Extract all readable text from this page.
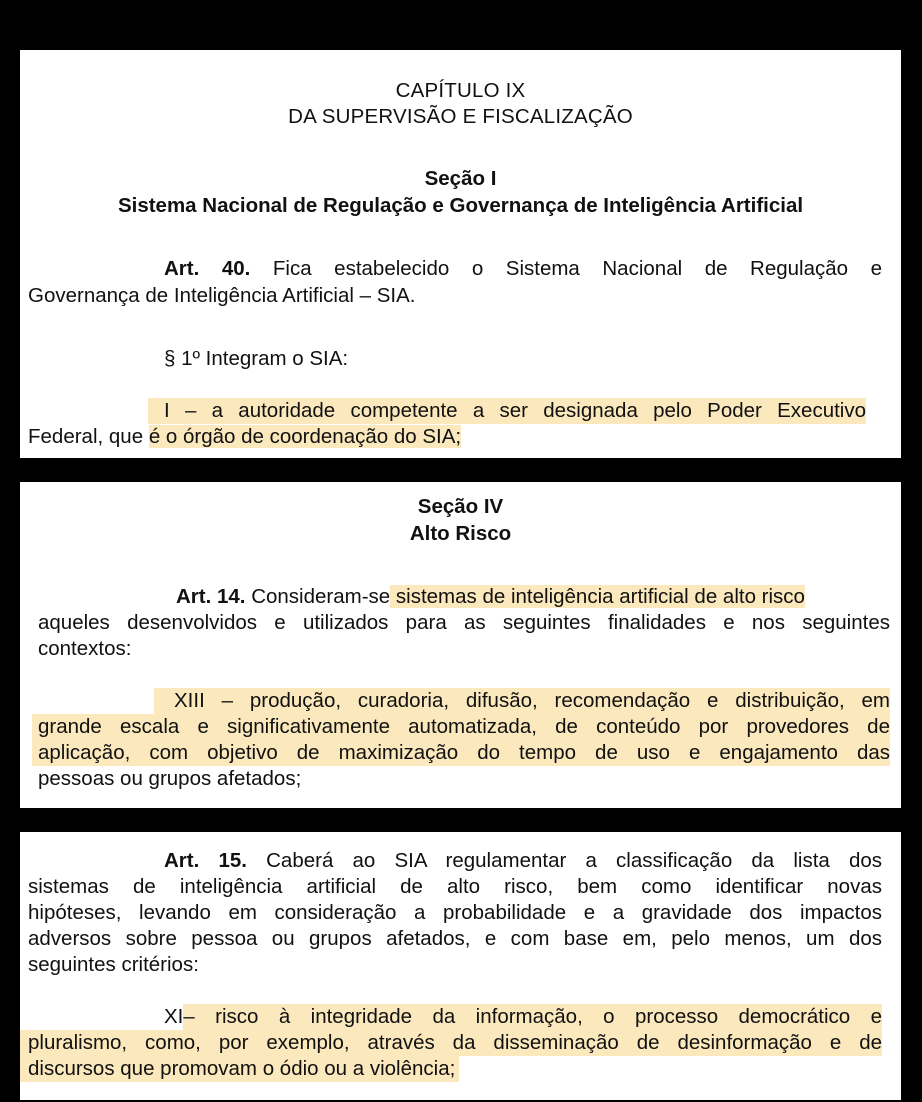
CAPÍTULO IX
DA SUPERVISÃO E FISCALIZAÇÃO
Seção I
Sistema Nacional de Regulação e Governança de Inteligência Artificial
Art. 40. Fica estabelecido o Sistema Nacional de Regulação e
Governança de Inteligência Artificial – SIA.
§ 1º Integram o SIA:
I – a autoridade competente a ser designada pelo Poder Executivo
Federal, que é o órgão de coordenação do SIA;
Seção IV
Alto Risco
Art. 14. Consideram-se sistemas de inteligência artificial de alto risco
aqueles desenvolvidos e utilizados para as seguintes finalidades e nos seguintes
contextos:
XIII – produção, curadoria, difusão, recomendação e distribuição, em
grande escala e significativamente automatizada, de conteúdo por provedores de
aplicação, com objetivo de maximização do tempo de uso e engajamento das
pessoas ou grupos afetados;
Art. 15. Caberá ao SIA regulamentar a classificação da lista dos
sistemas de inteligência artificial de alto risco, bem como identificar novas
hipóteses, levando em consideração a probabilidade e a gravidade dos impactos
adversos sobre pessoa ou grupos afetados, e com base em, pelo menos, um dos
seguintes critérios:
XI – risco à integridade da informação, o processo democrático e
pluralismo, como, por exemplo, através da disseminação de desinformação e de
discursos que promovam o ódio ou a violência;
